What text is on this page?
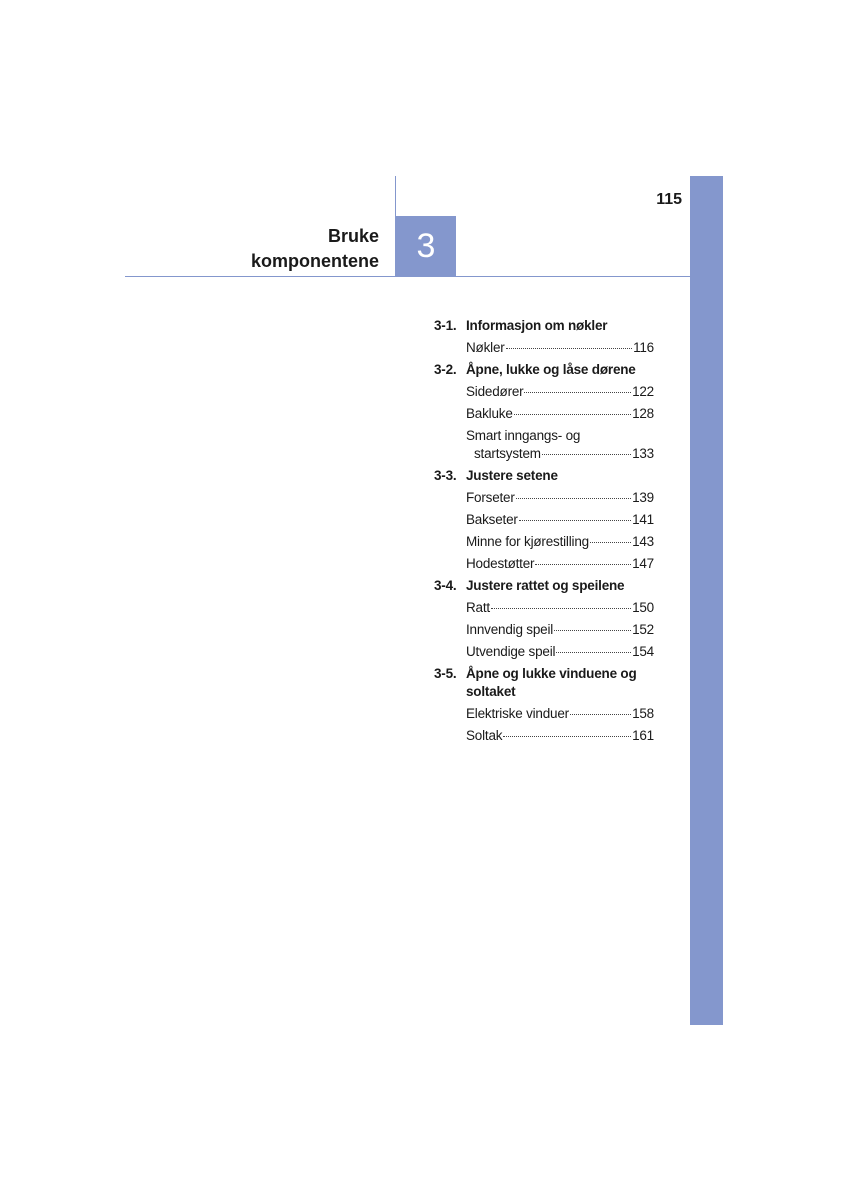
115
Bruke
komponentene 3
3-1. Informasjon om nøkler
Nøkler	116
3-2. Åpne, lukke og låse dørene
Sidedører	122
Bakluke	128
Smart inngangs- og
startsystem	133
3-3. Justere setene
Forseter	139
Bakseter	141
Minne for kjørestilling	143
Hodestøtter	147
3-4. Justere rattet og speilene
Ratt	150
Innvendig speil	152
Utvendige speil	154
3-5. Åpne og lukke vinduene og soltaket
Elektriske vinduer	158
Soltak	161
